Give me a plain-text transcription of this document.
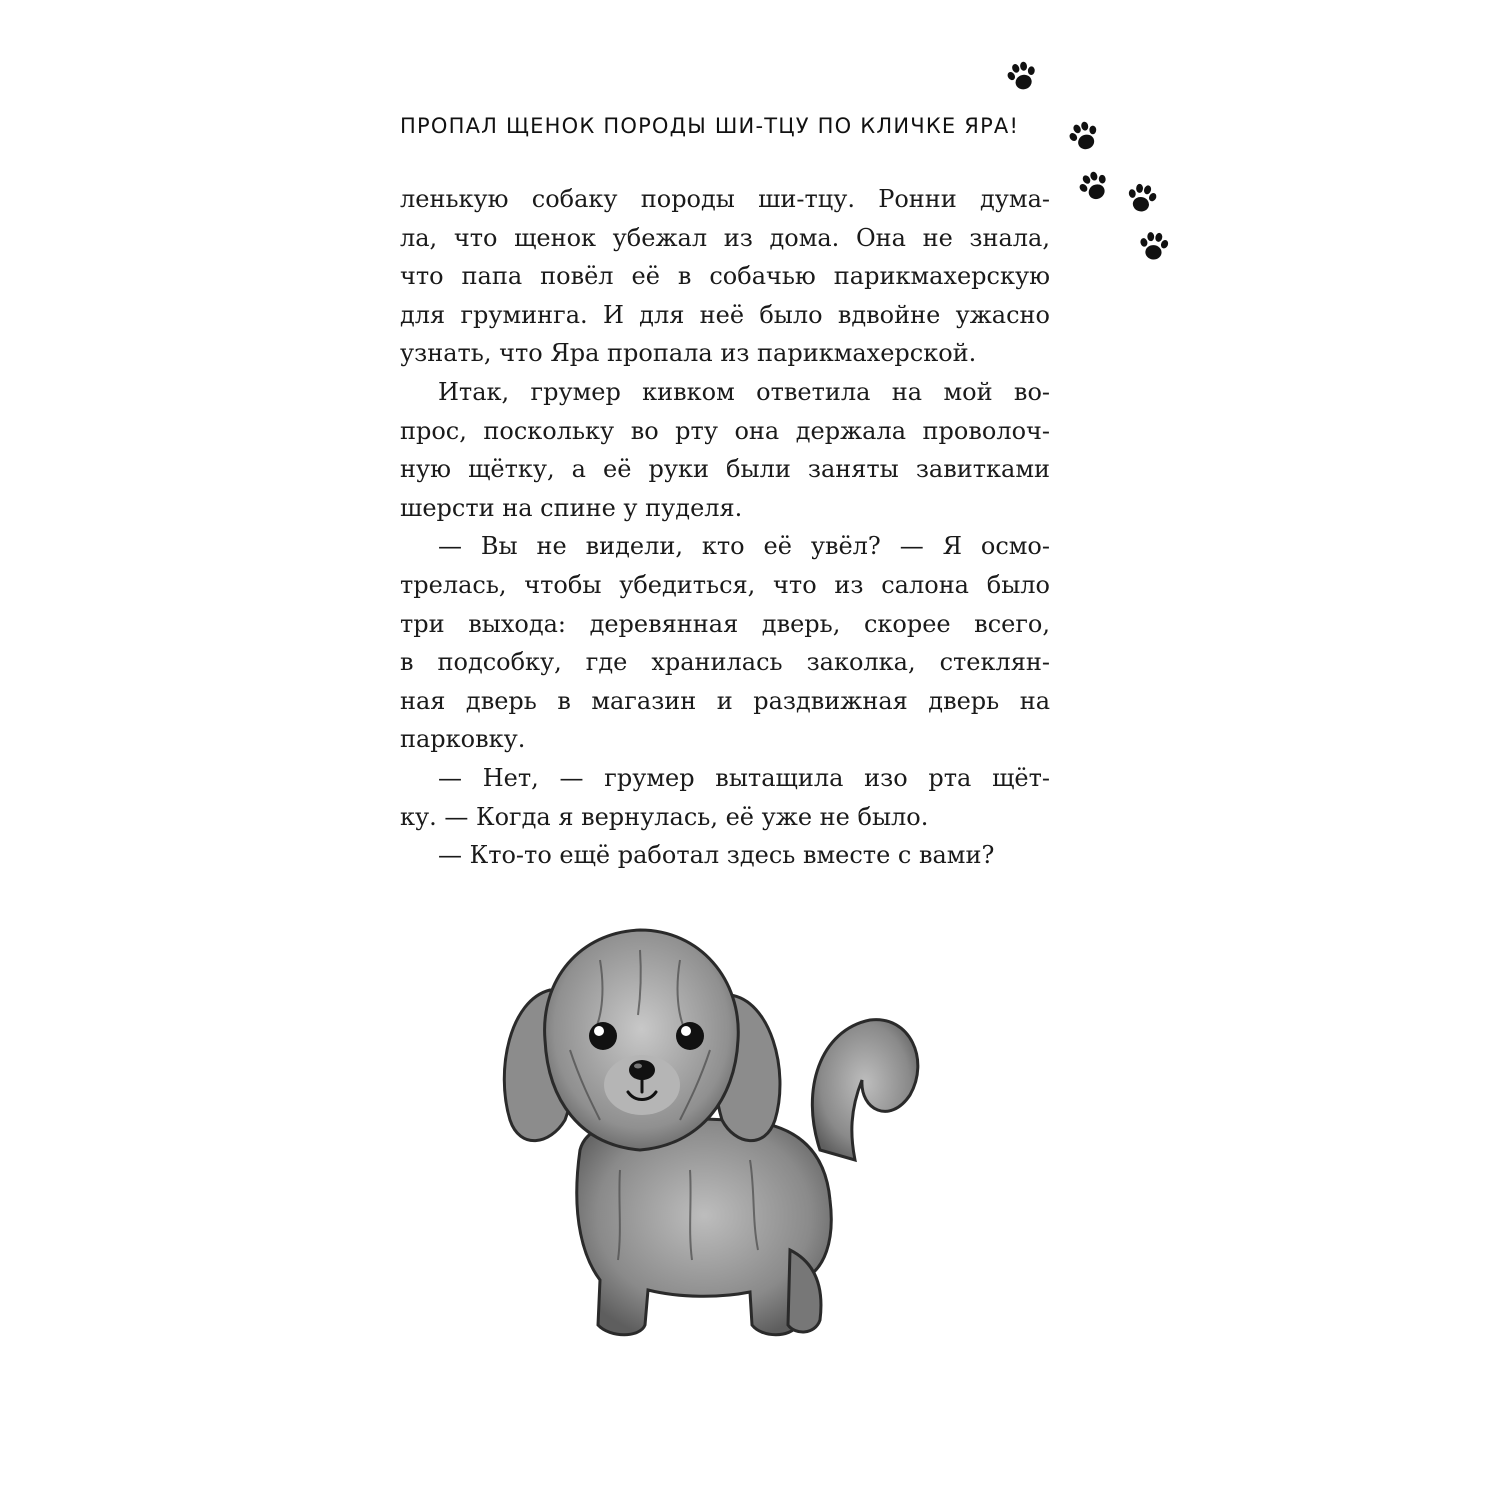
ПРОПАЛ ЩЕНОК ПОРОДЫ ШИ-ТЦУ ПО КЛИЧКЕ ЯРА!
ленькую собаку породы ши-тцу. Ронни дума-
ла, что щенок убежал из дома. Она не знала,
что папа повёл её в собачью парикмахерскую
для груминга. И для неё было вдвойне ужасно
узнать, что Яра пропала из парикмахерской.
Итак, грумер кивком ответила на мой во-
прос, поскольку во рту она держала проволоч-
ную щётку, а её руки были заняты завитками
шерсти на спине у пуделя.
— Вы не видели, кто её увёл? — Я осмо-
трелась, чтобы убедиться, что из салона было
три выхода: деревянная дверь, скорее всего,
в подсобку, где хранилась заколка, стеклян-
ная дверь в магазин и раздвижная дверь на
парковку.
— Нет, — грумер вытащила изо рта щёт-
ку. — Когда я вернулась, её уже не было.
— Кто-то ещё работал здесь вместе с вами?
